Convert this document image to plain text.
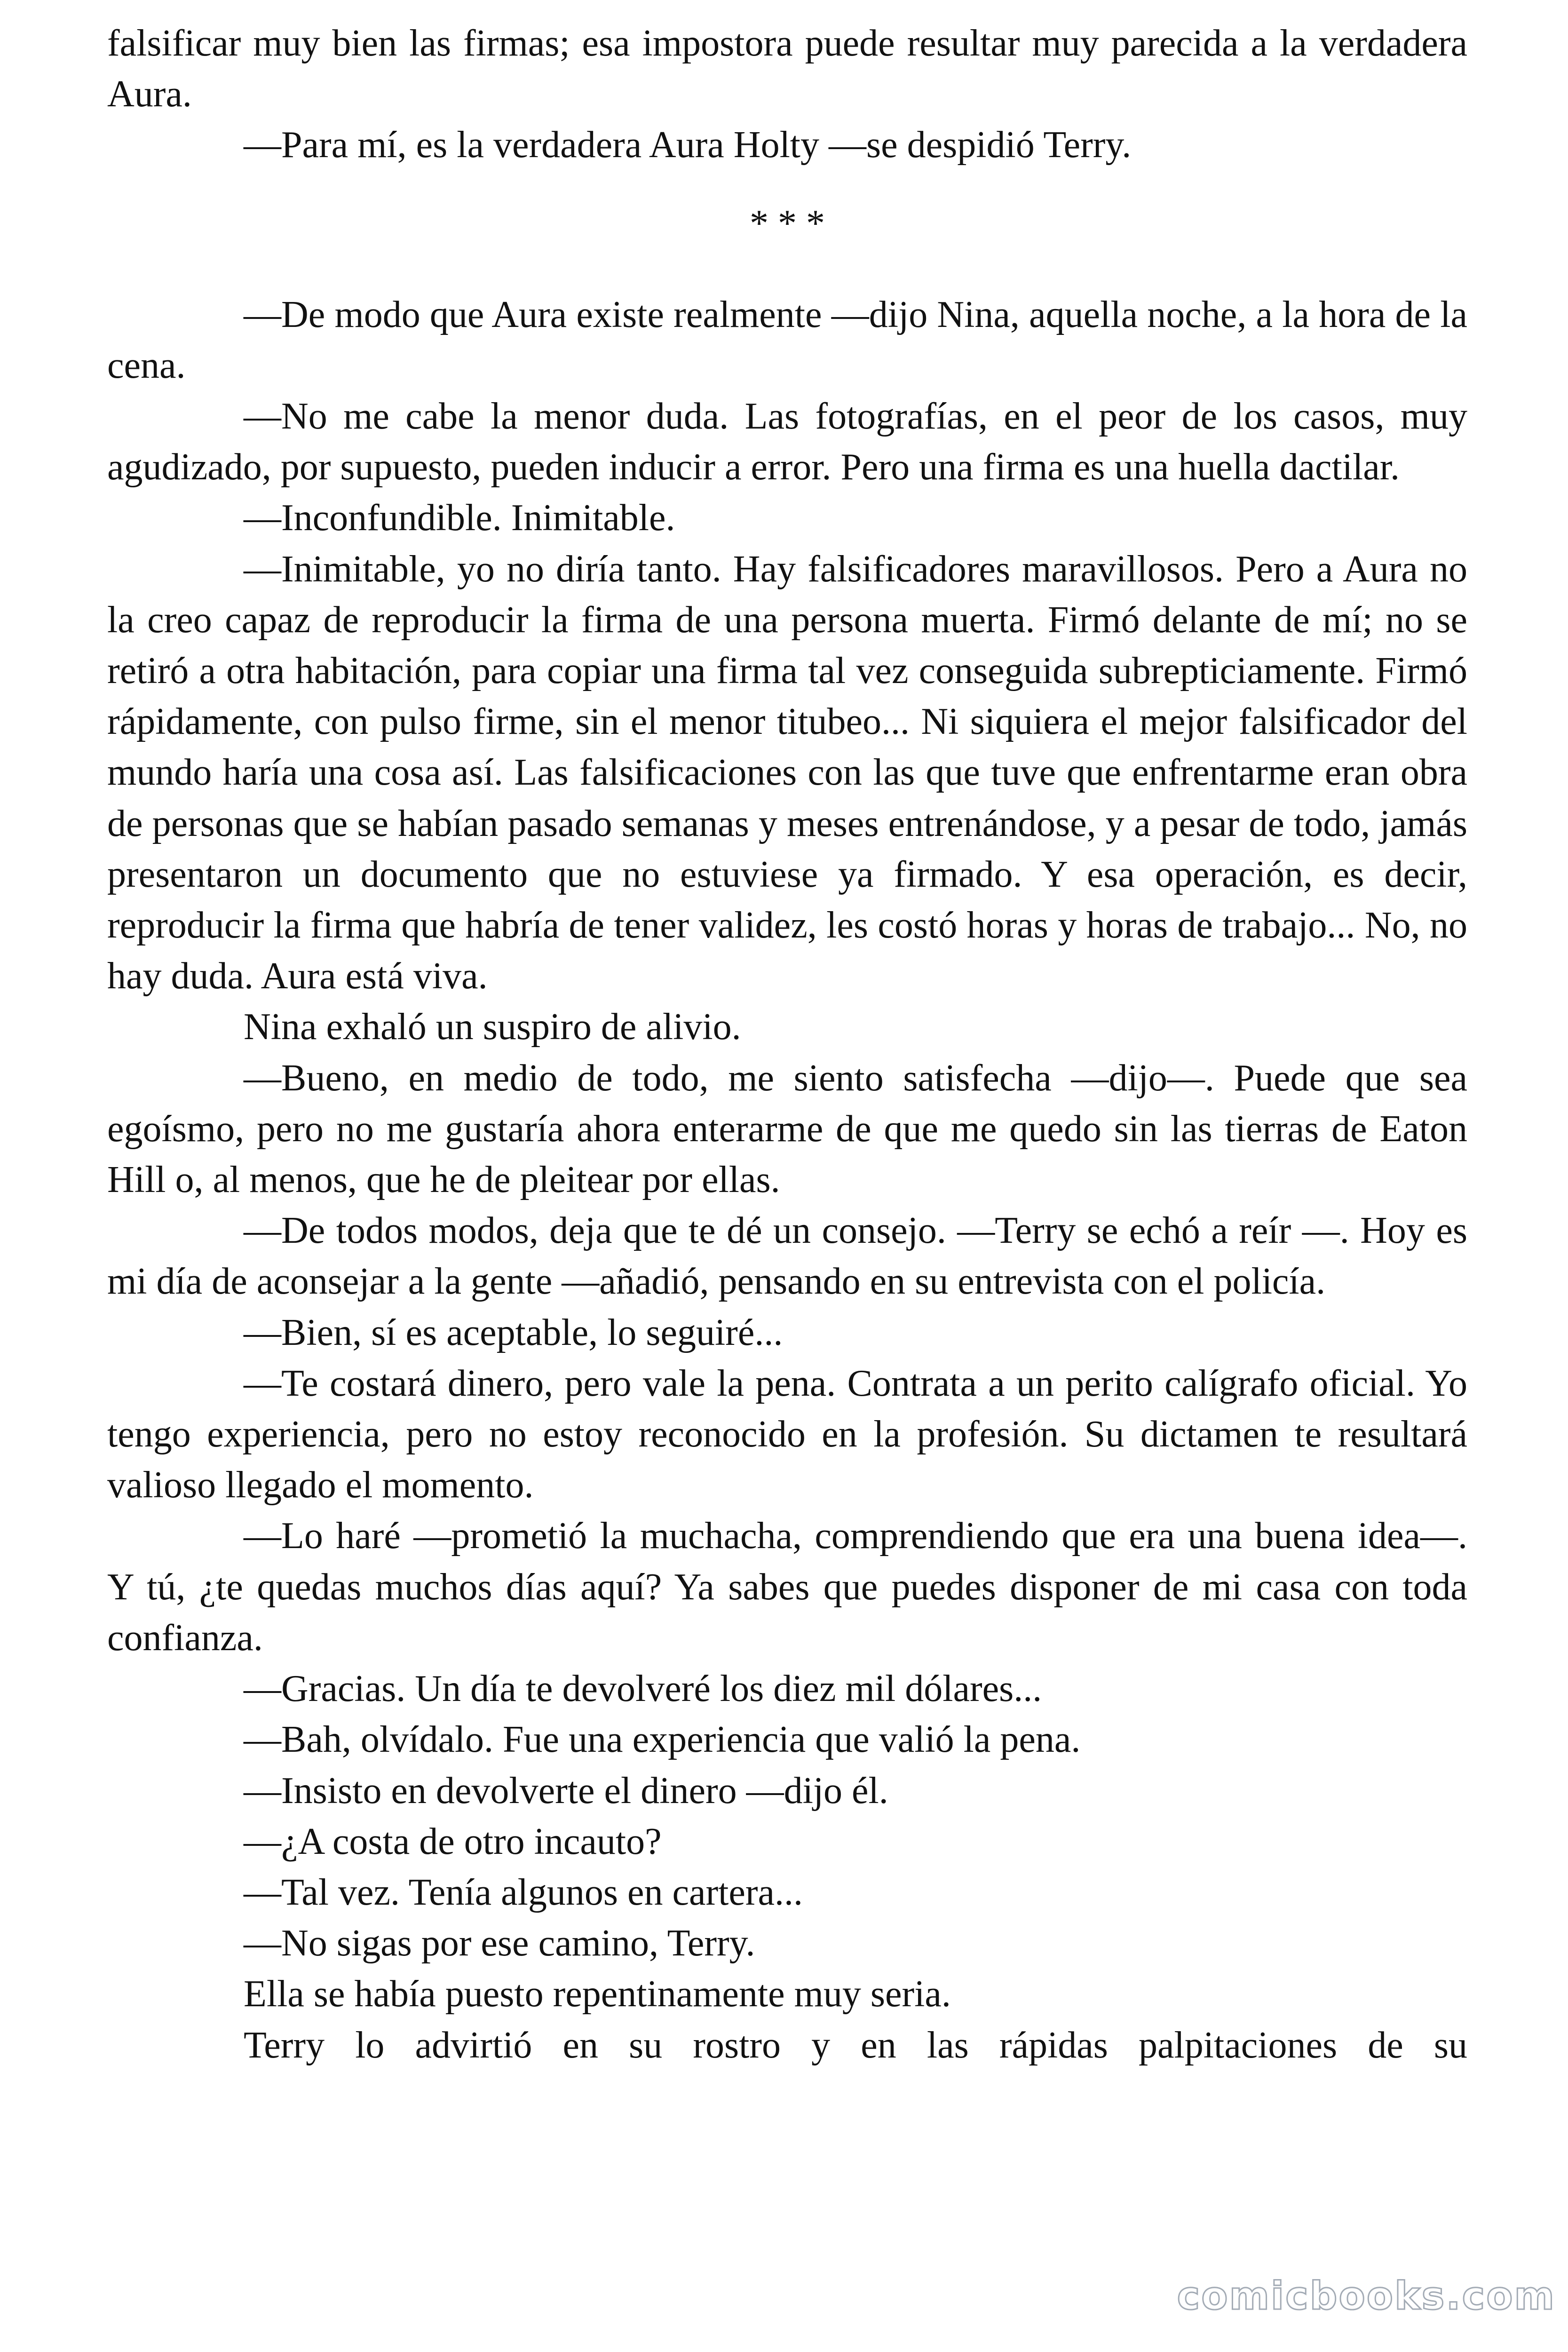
falsificar muy bien las firmas; esa impostora puede resultar muy parecida a la verdadera Aura.

—Para mí, es la verdadera Aura Holty —se despidió Terry.

* * *

—De modo que Aura existe realmente —dijo Nina, aquella noche, a la hora de la cena.

—No me cabe la menor duda. Las fotografías, en el peor de los casos, muy agudizado, por supuesto, pueden inducir a error. Pero una firma es una huella dactilar.

—Inconfundible. Inimitable.

—Inimitable, yo no diría tanto. Hay falsificadores maravillosos. Pero a Aura no la creo capaz de reproducir la firma de una persona muerta. Firmó delante de mí; no se retiró a otra habitación, para copiar una firma tal vez conseguida subrepticiamente. Firmó rápidamente, con pulso firme, sin el menor titubeo... Ni siquiera el mejor falsificador del mundo haría una cosa así. Las falsificaciones con las que tuve que enfrentarme eran obra de personas que se habían pasado semanas y meses entrenándose, y a pesar de todo, jamás presentaron un documento que no estuviese ya firmado. Y esa operación, es decir, reproducir la firma que habría de tener validez, les costó horas y horas de trabajo... No, no hay duda. Aura está viva.

Nina exhaló un suspiro de alivio.

—Bueno, en medio de todo, me siento satisfecha —dijo—. Puede que sea egoísmo, pero no me gustaría ahora enterarme de que me quedo sin las tierras de Eaton Hill o, al menos, que he de pleitear por ellas.

—De todos modos, deja que te dé un consejo. —Terry se echó a reír —. Hoy es mi día de aconsejar a la gente —añadió, pensando en su entrevista con el policía.

—Bien, sí es aceptable, lo seguiré...

—Te costará dinero, pero vale la pena. Contrata a un perito calígrafo oficial. Yo tengo experiencia, pero no estoy reconocido en la profesión. Su dictamen te resultará valioso llegado el momento.

—Lo haré —prometió la muchacha, comprendiendo que era una buena idea—. Y tú, ¿te quedas muchos días aquí? Ya sabes que puedes disponer de mi casa con toda confianza.

—Gracias. Un día te devolveré los diez mil dólares...

—Bah, olvídalo. Fue una experiencia que valió la pena.

—Insisto en devolverte el dinero —dijo él.

—¿A costa de otro incauto?

—Tal vez. Tenía algunos en cartera...

—No sigas por ese camino, Terry.

Ella se había puesto repentinamente muy seria.

Terry lo advirtió en su rostro y en las rápidas palpitaciones de su

comicbooks.com
